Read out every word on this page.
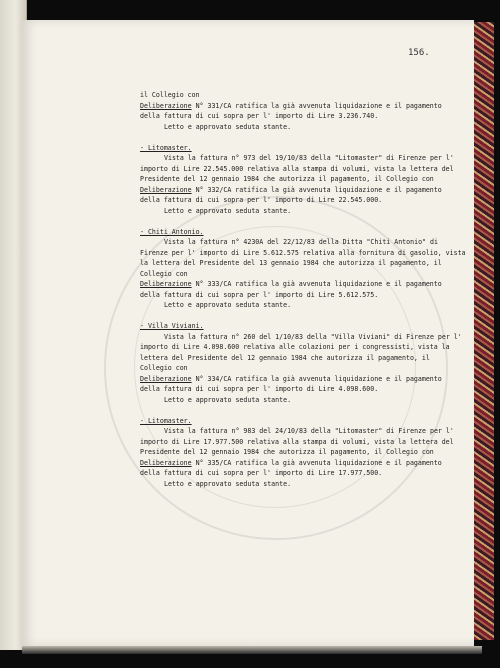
156.
il Collegio con
Deliberazione N° 331/CA ratifica la già avvenuta liquidazione e il pagamento
della fattura di cui sopra per l' importo di Lire 3.236.740.
Letto e approvato seduta stante.
- Litomaster.
Vista la fattura n° 973 del 19/10/83 della "Litomaster" di Firenze per l'
importo di Lire 22.545.000 relativa alla stampa di volumi, vista la lettera del
Presidente del 12 gennaio 1984 che autorizza il pagamento, il Collegio con
Deliberazione N° 332/CA ratifica la già avvenuta liquidazione e il pagamento
della fattura di cui sopra per l' importo di Lire 22.545.000.
Letto e approvato seduta stante.
- Chiti Antonio.
Vista la fattura n° 4230A del 22/12/83 della Ditta "Chiti Antonio" di
Firenze per l' importo di Lire 5.612.575 relativa alla fornitura di gasolio, vista
la lettera del Presidente del 13 gennaio 1984 che autorizza il pagamento, il
Collegio con
Deliberazione N° 333/CA ratifica la già avvenuta liquidazione e il pagamento
della fattura di cui sopra per l' importo di Lire 5.612.575.
Letto e approvato seduta stante.
- Villa Viviani.
Vista la fattura n° 260 del 1/10/83 della "Villa Viviani" di Firenze per l'
importo di Lire 4.098.600 relativa alle colazioni per i congressisti, vista la
lettera del Presidente del 12 gennaio 1984 che autorizza il pagamento, il
Collegio con
Deliberazione N° 334/CA ratifica la già avvenuta liquidazione e il pagamento
della fattura di cui sopra per l' importo di Lire 4.098.600.
Letto e approvato seduta stante.
- Litomaster.
Vista la fattura n° 983 del 24/10/83 della "Litomaster" di Firenze per l'
importo di Lire 17.977.500 relativa alla stampa di volumi, vista la lettera del
Presidente del 12 gennaio 1984 che autorizza il pagamento, il Collegio con
Deliberazione N° 335/CA ratifica la già avvenuta liquidazione e il pagamento
della fattura di cui sopra per l' importo di Lire 17.977.500.
Letto e approvato seduta stante.
